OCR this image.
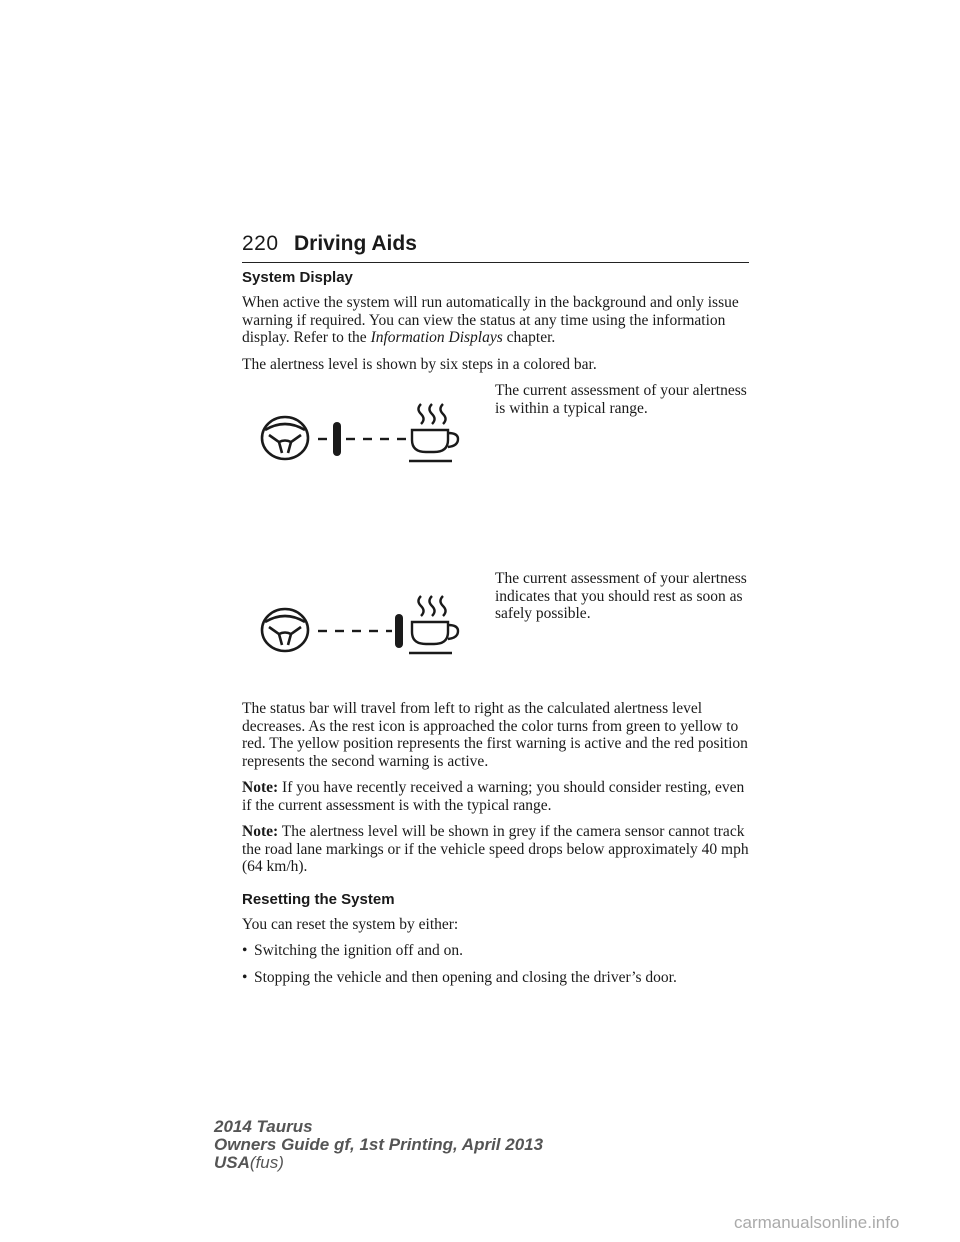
220 Driving Aids
System Display

When active the system will run automatically in the background and only issue warning if required. You can view the status at any time using the information display. Refer to the Information Displays chapter.

The alertness level is shown by six steps in a colored bar.

The current assessment of your alertness is within a typical range.
The current assessment of your alertness indicates that you should rest as soon as safely possible.

The status bar will travel from left to right as the calculated alertness level decreases. As the rest icon is approached the color turns from green to yellow to red. The yellow position represents the first warning is active and the red position represents the second warning is active.

Note: If you have recently received a warning; you should consider resting, even if the current assessment is with the typical range.

Note: The alertness level will be shown in grey if the camera sensor cannot track the road lane markings or if the vehicle speed drops below approximately 40 mph (64 km/h).

Resetting the System

You can reset the system by either:

• Switching the ignition off and on.
• Stopping the vehicle and then opening and closing the driver’s door.
2014 Taurus
Owners Guide gf, 1st Printing, April 2013
USA(fus)
carmanualsonline.info
